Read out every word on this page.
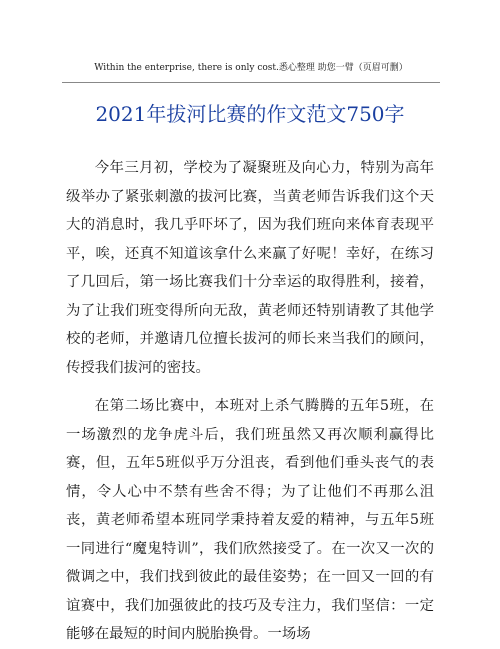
Within the enterprise, there is only cost.悉心整理 助您一臂（页眉可删）
2021年拔河比赛的作文范文750字

今年三月初，学校为了凝聚班及向心力，特别为高年级举办了紧张刺激的拔河比赛，当黄老师告诉我们这个天大的消息时，我几乎吓坏了，因为我们班向来体育表现平平，唉，还真不知道该拿什么来赢了好呢！幸好，在练习了几回后，第一场比赛我们十分幸运的取得胜利，接着，为了让我们班变得所向无敌，黄老师还特别请教了其他学校的老师，并邀请几位擅长拔河的师长来当我们的顾问，传授我们拔河的密技。

在第二场比赛中，本班对上杀气腾腾的五年5班，在一场激烈的龙争虎斗后，我们班虽然又再次顺利赢得比赛，但，五年5班似乎万分沮丧，看到他们垂头丧气的表情，令人心中不禁有些舍不得；为了让他们不再那么沮丧，黄老师希望本班同学秉持着友爱的精神，与五年5班一同进行“魔鬼特训”，我们欣然接受了。在一次又一次的微调之中，我们找到彼此的最佳姿势；在一回又一回的有谊赛中，我们加强彼此的技巧及专注力，我们坚信：一定能够在最短的时间内脱胎换骨。一场场
